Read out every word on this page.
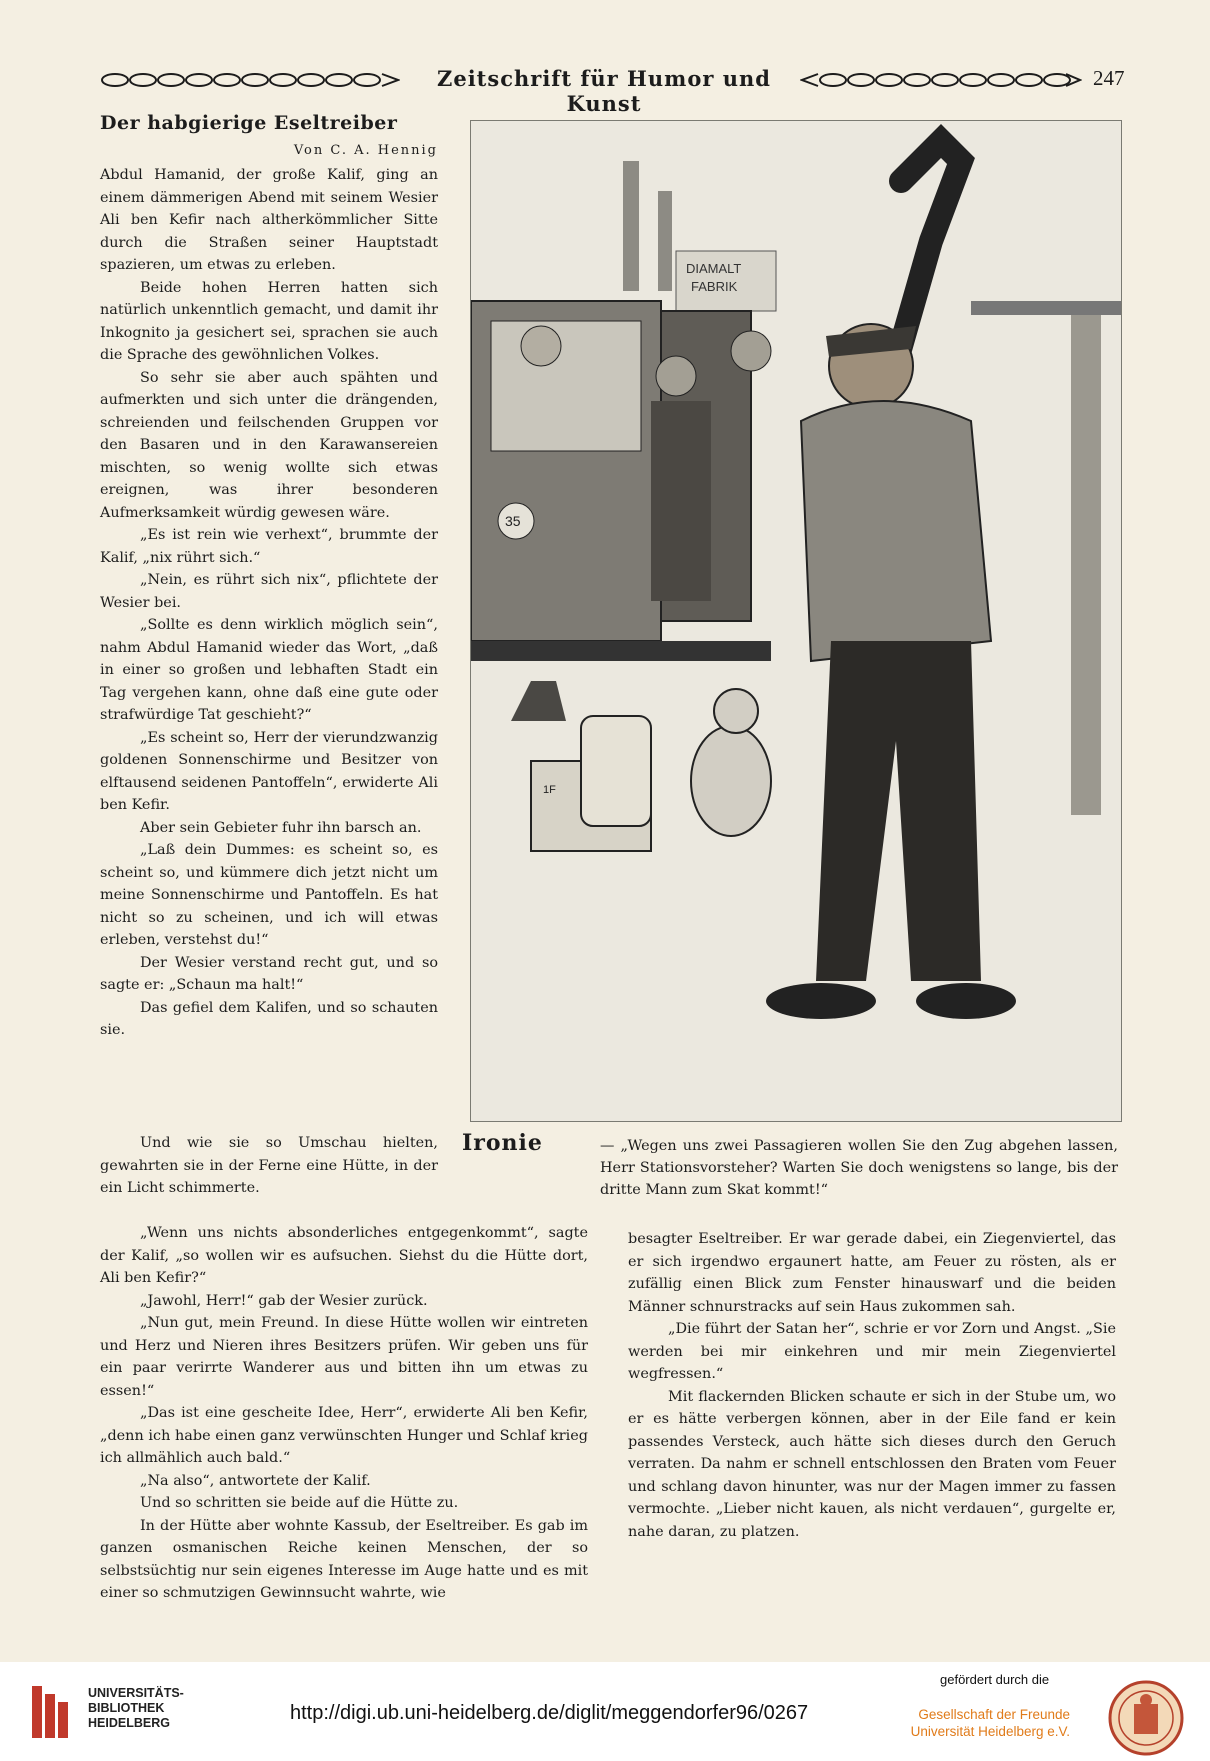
Zeitschrift für Humor und Kunst
247
Der habgierige Eseltreiber
Von C. A. Hennig

Abdul Hamanid, der große Kalif, ging an einem dämmerigen Abend mit seinem Wesier Ali ben Kefir nach altherkömmlicher Sitte durch die Straßen seiner Hauptstadt spazieren, um etwas zu erleben.

Beide hohen Herren hatten sich natürlich unkenntlich gemacht, und damit ihr Inkognito ja gesichert sei, sprachen sie auch die Sprache des gewöhnlichen Volkes.

So sehr sie aber auch spähten und aufmerkten und sich unter die drängenden, schreienden und feilschenden Gruppen vor den Basaren und in den Karawansereien mischten, so wenig wollte sich etwas ereignen, was ihrer besonderen Aufmerksamkeit würdig gewesen wäre.

„Es ist rein wie verhext“, brummte der Kalif, „nix rührt sich.“

„Nein, es rührt sich nix“, pflichtete der Wesier bei.

„Sollte es denn wirklich möglich sein“, nahm Abdul Hamanid wieder das Wort, „daß in einer so großen und lebhaften Stadt ein Tag vergehen kann, ohne daß eine gute oder strafwürdige Tat geschieht?“

„Es scheint so, Herr der vierundzwanzig goldenen Sonnenschirme und Besitzer von elftausend seidenen Pantoffeln“, erwiderte Ali ben Kefir.

Aber sein Gebieter fuhr ihn barsch an.

„Laß dein Dummes: es scheint so, es scheint so, und kümmere dich jetzt nicht um meine Sonnenschirme und Pantoffeln. Es hat nicht so zu scheinen, und ich will etwas erleben, verstehst du!“

Der Wesier verstand recht gut, und so sagte er: „Schaun ma halt!“

Das gefiel dem Kalifen, und so schauten sie.

Und wie sie so Umschau hielten, gewahrten sie in der Ferne eine Hütte, in der ein Licht schimmerte.

DIAMALT
FABRIK
35
1F
Ironie	— „Wegen uns zwei Passagieren wollen Sie den Zug abgehen lassen, Herr Stationsvorsteher? Warten Sie doch wenigstens so lange, bis der dritte Mann zum Skat kommt!“

„Wenn uns nichts absonderliches entgegenkommt“, sagte der Kalif, „so wollen wir es aufsuchen. Siehst du die Hütte dort, Ali ben Kefir?“

„Jawohl, Herr!“ gab der Wesier zurück.

„Nun gut, mein Freund. In diese Hütte wollen wir eintreten und Herz und Nieren ihres Besitzers prüfen. Wir geben uns für ein paar verirrte Wanderer aus und bitten ihn um etwas zu essen!“

„Das ist eine gescheite Idee, Herr“, erwiderte Ali ben Kefir, „denn ich habe einen ganz verwünschten Hunger und Schlaf krieg ich allmählich auch bald.“

„Na also“, antwortete der Kalif.

Und so schritten sie beide auf die Hütte zu.

In der Hütte aber wohnte Kassub, der Eseltreiber. Es gab im ganzen osmanischen Reiche keinen Menschen, der so selbstsüchtig nur sein eigenes Interesse im Auge hatte und es mit einer so schmutzigen Gewinnsucht wahrte, wie

besagter Eseltreiber. Er war gerade dabei, ein Ziegenviertel, das er sich irgendwo ergaunert hatte, am Feuer zu rösten, als er zufällig einen Blick zum Fenster hinauswarf und die beiden Männer schnurstracks auf sein Haus zukommen sah.

„Die führt der Satan her“, schrie er vor Zorn und Angst. „Sie werden bei mir einkehren und mir mein Ziegenviertel wegfressen.“

Mit flackernden Blicken schaute er sich in der Stube um, wo er es hätte verbergen können, aber in der Eile fand er kein passendes Versteck, auch hätte sich dieses durch den Geruch verraten. Da nahm er schnell entschlossen den Braten vom Feuer und schlang davon hinunter, was nur der Magen immer zu fassen vermochte. „Lieber nicht kauen, als nicht verdauen“, gurgelte er, nahe daran, zu platzen.

UNIVERSITÄTS-
BIBLIOTHEK
HEIDELBERG	http://digi.ub.uni-heidelberg.de/diglit/meggendorfer96/0267
gefördert durch die
Gesellschaft der Freunde
Universität Heidelberg e.V.
